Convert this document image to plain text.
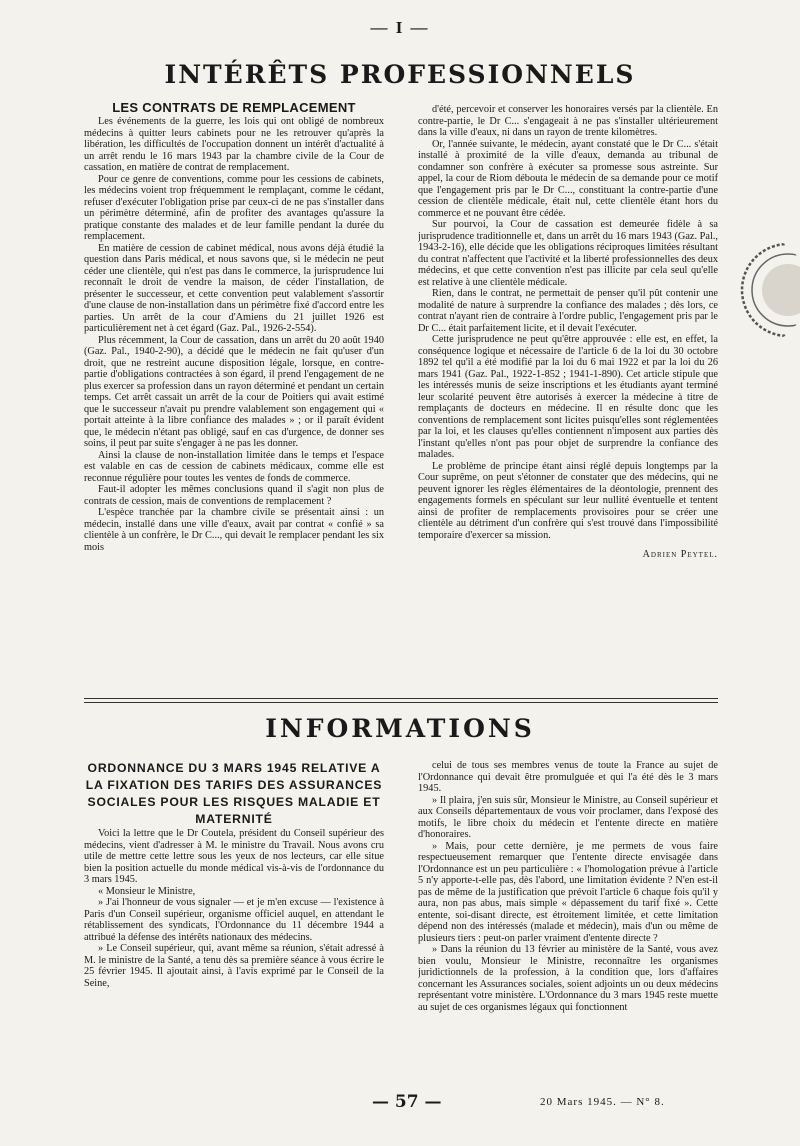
— I —
INTÉRÊTS PROFESSIONNELS

LES CONTRATS DE REMPLACEMENT

Les événements de la guerre, les lois qui ont obligé de nombreux médecins à quitter leurs cabinets pour ne les retrouver qu'après la libération, les difficultés de l'occupation donnent un intérêt d'actualité à un arrêt rendu le 16 mars 1943 par la chambre civile de la Cour de cassation, en matière de contrat de remplacement.

Pour ce genre de conventions, comme pour les cessions de cabinets, les médecins voient trop fréquemment le remplaçant, comme le cédant, refuser d'exécuter l'obligation prise par ceux-ci de ne pas s'installer dans un périmètre déterminé, afin de profiter des avantages qu'assure la pratique constante des malades et de leur famille pendant la durée du remplacement.

En matière de cession de cabinet médical, nous avons déjà étudié la question dans Paris médical, et nous savons que, si le médecin ne peut céder une clientèle, qui n'est pas dans le commerce, la jurisprudence lui reconnaît le droit de vendre la maison, de céder l'installation, de présenter le successeur, et cette convention peut valablement s'assortir d'une clause de non-installation dans un périmètre fixé d'accord entre les parties. Un arrêt de la cour d'Amiens du 21 juillet 1926 est particulièrement net à cet égard (Gaz. Pal., 1926-2-554).

Plus récemment, la Cour de cassation, dans un arrêt du 20 août 1940 (Gaz. Pal., 1940-2-90), a décidé que le médecin ne fait qu'user d'un droit, que ne restreint aucune disposition légale, lorsque, en contre-partie d'obligations contractées à son égard, il prend l'engagement de ne plus exercer sa profession dans un rayon déterminé et pendant un certain temps. Cet arrêt cassait un arrêt de la cour de Poitiers qui avait estimé que le successeur n'avait pu prendre valablement son engagement qui « portait atteinte à la libre confiance des malades » ; or il paraît évident que, le médecin n'étant pas obligé, sauf en cas d'urgence, de donner ses soins, il peut par suite s'engager à ne pas les donner.

Ainsi la clause de non-installation limitée dans le temps et l'espace est valable en cas de cession de cabinets médicaux, comme elle est reconnue régulière pour toutes les ventes de fonds de commerce.

Faut-il adopter les mêmes conclusions quand il s'agit non plus de contrats de cession, mais de conventions de remplacement ?

L'espèce tranchée par la chambre civile se présentait ainsi : un médecin, installé dans une ville d'eaux, avait par contrat « confié » sa clientèle à un confrère, le Dr C..., qui devait le remplacer pendant les six mois

d'été, percevoir et conserver les honoraires versés par la clientèle. En contre-partie, le Dr C... s'engageait à ne pas s'installer ultérieurement dans la ville d'eaux, ni dans un rayon de trente kilomètres.

Or, l'année suivante, le médecin, ayant constaté que le Dr C... s'était installé à proximité de la ville d'eaux, demanda au tribunal de condamner son confrère à exécuter sa promesse sous astreinte. Sur appel, la cour de Riom débouta le médecin de sa demande pour ce motif que l'engagement pris par le Dr C..., constituant la contre-partie d'une cession de clientèle médicale, était nul, cette clientèle étant hors du commerce et ne pouvant être cédée.

Sur pourvoi, la Cour de cassation est demeurée fidèle à sa jurisprudence traditionnelle et, dans un arrêt du 16 mars 1943 (Gaz. Pal., 1943-2-16), elle décide que les obligations réciproques limitées résultant du contrat n'affectent que l'activité et la liberté professionnelles des deux médecins, et que cette convention n'est pas illicite par cela seul qu'elle est relative à une clientèle médicale.

Rien, dans le contrat, ne permettait de penser qu'il pût contenir une modalité de nature à surprendre la confiance des malades ; dès lors, ce contrat n'ayant rien de contraire à l'ordre public, l'engagement pris par le Dr C... était parfaitement licite, et il devait l'exécuter.

Cette jurisprudence ne peut qu'être approuvée : elle est, en effet, la conséquence logique et nécessaire de l'article 6 de la loi du 30 octobre 1892 tel qu'il a été modifié par la loi du 6 mai 1922 et par la loi du 26 mars 1941 (Gaz. Pal., 1922-1-852 ; 1941-1-890). Cet article stipule que les intéressés munis de seize inscriptions et les étudiants ayant terminé leur scolarité peuvent être autorisés à exercer la médecine à titre de remplaçants de docteurs en médecine. Il en résulte donc que les conventions de remplacement sont licites puisqu'elles sont réglementées par la loi, et les clauses qu'elles contiennent n'imposent aux parties dès l'instant qu'elles n'ont pas pour objet de surprendre la confiance des malades.

Le problème de principe étant ainsi réglé depuis longtemps par la Cour suprême, on peut s'étonner de constater que des médecins, qui ne peuvent ignorer les règles élémentaires de la déontologie, prennent des engagements formels en spéculant sur leur nullité éventuelle et tentent ainsi de profiter de remplacements provisoires pour se créer une clientèle au détriment d'un confrère qui s'est trouvé dans l'impossibilité temporaire d'exercer sa mission.

Adrien Peytel.

INFORMATIONS

ORDONNANCE DU 3 MARS 1945 RELATIVE A LA FIXATION DES TARIFS DES ASSURANCES SOCIALES POUR LES RISQUES MALADIE ET MATERNITÉ

Voici la lettre que le Dr Coutela, président du Conseil supérieur des médecins, vient d'adresser à M. le ministre du Travail. Nous avons cru utile de mettre cette lettre sous les yeux de nos lecteurs, car elle situe bien la position actuelle du monde médical vis-à-vis de l'ordonnance du 3 mars 1945.

« Monsieur le Ministre,

» J'ai l'honneur de vous signaler — et je m'en excuse — l'existence à Paris d'un Conseil supérieur, organisme officiel auquel, en attendant le rétablissement des syndicats, l'Ordonnance du 11 décembre 1944 a attribué la défense des intérêts nationaux des médecins.

» Le Conseil supérieur, qui, avant même sa réunion, s'était adressé à M. le ministre de la Santé, a tenu dès sa première séance à vous écrire le 25 février 1945. Il ajoutait ainsi, à l'avis exprimé par le Conseil de la Seine,

celui de tous ses membres venus de toute la France au sujet de l'Ordonnance qui devait être promulguée et qui l'a été dès le 3 mars 1945.

» Il plaira, j'en suis sûr, Monsieur le Ministre, au Conseil supérieur et aux Conseils départementaux de vous voir proclamer, dans l'exposé des motifs, le libre choix du médecin et l'entente directe en matière d'honoraires.

» Mais, pour cette dernière, je me permets de vous faire respectueusement remarquer que l'entente directe envisagée dans l'Ordonnance est un peu particulière : « l'homologation prévue à l'article 5 n'y apporte-t-elle pas, dès l'abord, une limitation évidente ? N'en est-il pas de même de la justification que prévoit l'article 6 chaque fois qu'il y aura, non pas abus, mais simple « dépassement du tarif fixé ». Cette entente, soi-disant directe, est étroitement limitée, et cette limitation dépend non des intéressés (malade et médecin), mais d'un ou même de plusieurs tiers : peut-on parler vraiment d'entente directe ?

» Dans la réunion du 13 février au ministère de la Santé, vous avez bien voulu, Monsieur le Ministre, reconnaître les organismes juridictionnels de la profession, à la condition que, lors d'affaires concernant les Assurances sociales, soient adjoints un ou deux médecins représentant votre ministère. L'Ordonnance du 3 mars 1945 reste muette au sujet de ces organismes légaux qui fonctionnent

— 57 —	20 Mars 1945. — N° 8.
